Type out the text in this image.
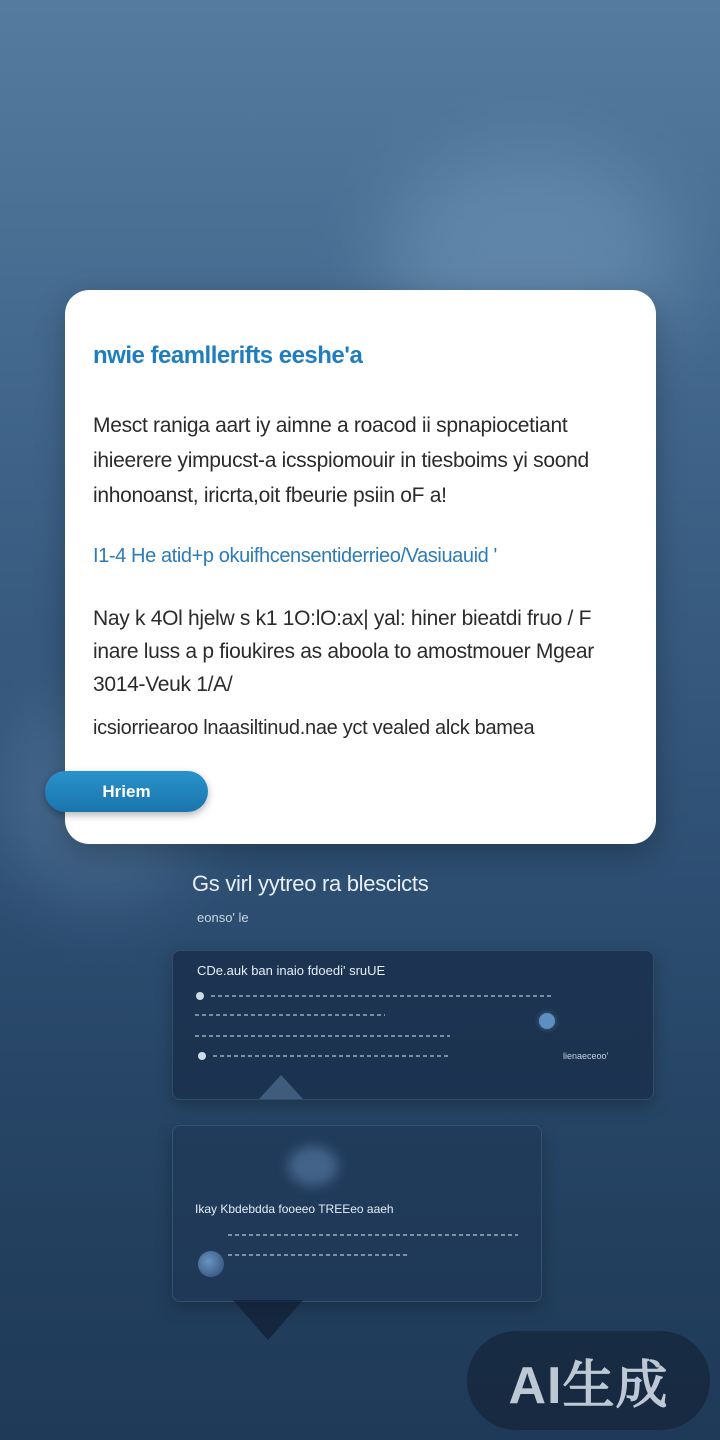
nwie feamllerifts eeshe'a

Mesct raniga aart iy aimne a roacod ii spnapiocetiant ihieerere yimpucst-a icsspiomouir in tiesboims yi soond inhonoanst, iricrta,oit fbeurie psiin oF a!

I1-4 He atid+p okuifhcensentiderrieo/Vasiuauid '

Nay k 4Ol hjelw s k1 1O:lO:ax| yal: hiner bieatdi fruo / F inare luss a p fioukires as aboola to amostmouer Mgear 3014-Veuk 1/A/

icsiorriearoo lnaasiltinud.nae yct vealed alck bamea

Hriem
Gs virl yytreo ra blescicts
eonso' le
CDe.auk ban inaio fdoedi' sruUE
lienaeceoo'
Ikay Kbdebdda fooeeo TREEeo aaeh
AI生成
